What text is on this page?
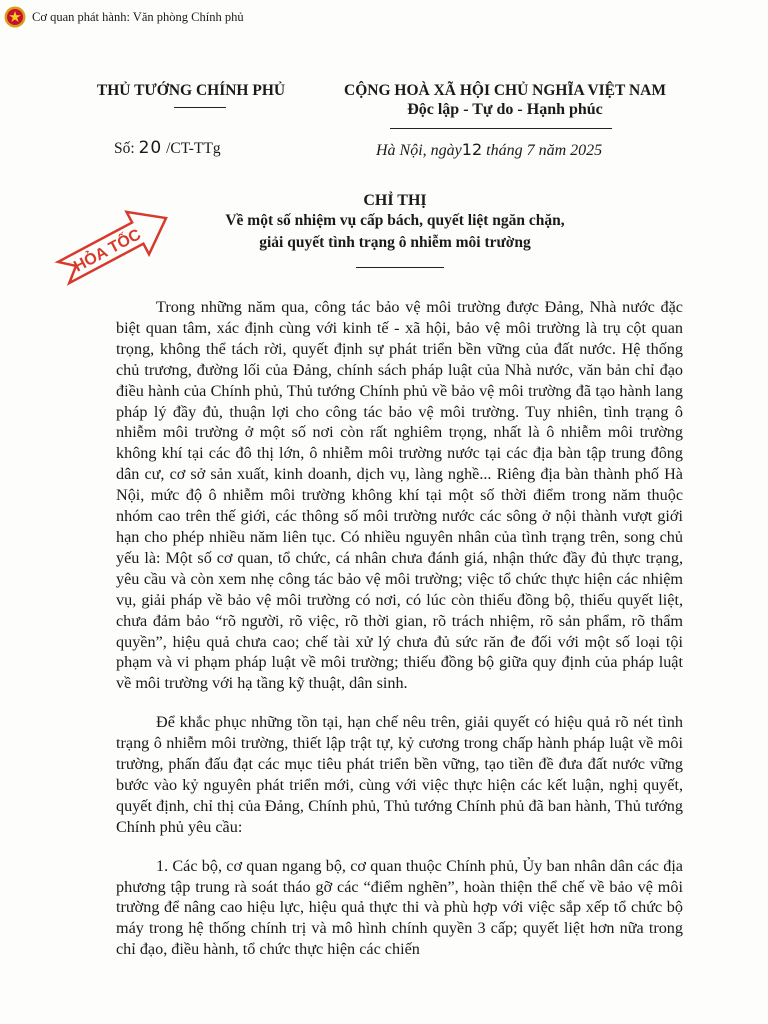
Cơ quan phát hành: Văn phòng Chính phủ
THỦ TƯỚNG CHÍNH PHỦ	CỘNG HOÀ XÃ HỘI CHỦ NGHĨA VIỆT NAM
Độc lập - Tự do - Hạnh phúc
Số: 20 /CT-TTg	Hà Nội, ngày12 tháng 7 năm 2025
HỎA TỐC
CHỈ THỊ
Về một số nhiệm vụ cấp bách, quyết liệt ngăn chặn,
giải quyết tình trạng ô nhiễm môi trường

Trong những năm qua, công tác bảo vệ môi trường được Đảng, Nhà nước đặc biệt quan tâm, xác định cùng với kinh tế - xã hội, bảo vệ môi trường là trụ cột quan trọng, không thể tách rời, quyết định sự phát triển bền vững của đất nước. Hệ thống chủ trương, đường lối của Đảng, chính sách pháp luật của Nhà nước, văn bản chỉ đạo điều hành của Chính phủ, Thủ tướng Chính phủ về bảo vệ môi trường đã tạo hành lang pháp lý đầy đủ, thuận lợi cho công tác bảo vệ môi trường. Tuy nhiên, tình trạng ô nhiễm môi trường ở một số nơi còn rất nghiêm trọng, nhất là ô nhiễm môi trường không khí tại các đô thị lớn, ô nhiễm môi trường nước tại các địa bàn tập trung đông dân cư, cơ sở sản xuất, kinh doanh, dịch vụ, làng nghề... Riêng địa bàn thành phố Hà Nội, mức độ ô nhiễm môi trường không khí tại một số thời điểm trong năm thuộc nhóm cao trên thế giới, các thông số môi trường nước các sông ở nội thành vượt giới hạn cho phép nhiều năm liên tục. Có nhiều nguyên nhân của tình trạng trên, song chủ yếu là: Một số cơ quan, tổ chức, cá nhân chưa đánh giá, nhận thức đầy đủ thực trạng, yêu cầu và còn xem nhẹ công tác bảo vệ môi trường; việc tổ chức thực hiện các nhiệm vụ, giải pháp về bảo vệ môi trường có nơi, có lúc còn thiếu đồng bộ, thiếu quyết liệt, chưa đảm bảo “rõ người, rõ việc, rõ thời gian, rõ trách nhiệm, rõ sản phẩm, rõ thẩm quyền”, hiệu quả chưa cao; chế tài xử lý chưa đủ sức răn đe đối với một số loại tội phạm và vi phạm pháp luật về môi trường; thiếu đồng bộ giữa quy định của pháp luật về môi trường với hạ tầng kỹ thuật, dân sinh.

Để khắc phục những tồn tại, hạn chế nêu trên, giải quyết có hiệu quả rõ nét tình trạng ô nhiễm môi trường, thiết lập trật tự, kỷ cương trong chấp hành pháp luật về môi trường, phấn đấu đạt các mục tiêu phát triển bền vững, tạo tiền đề đưa đất nước vững bước vào kỷ nguyên phát triển mới, cùng với việc thực hiện các kết luận, nghị quyết, quyết định, chỉ thị của Đảng, Chính phủ, Thủ tướng Chính phủ đã ban hành, Thủ tướng Chính phủ yêu cầu:

1. Các bộ, cơ quan ngang bộ, cơ quan thuộc Chính phủ, Ủy ban nhân dân các địa phương tập trung rà soát tháo gỡ các “điểm nghẽn”, hoàn thiện thể chế về bảo vệ môi trường để nâng cao hiệu lực, hiệu quả thực thi và phù hợp với việc sắp xếp tổ chức bộ máy trong hệ thống chính trị và mô hình chính quyền 3 cấp; quyết liệt hơn nữa trong chỉ đạo, điều hành, tổ chức thực hiện các chiến
